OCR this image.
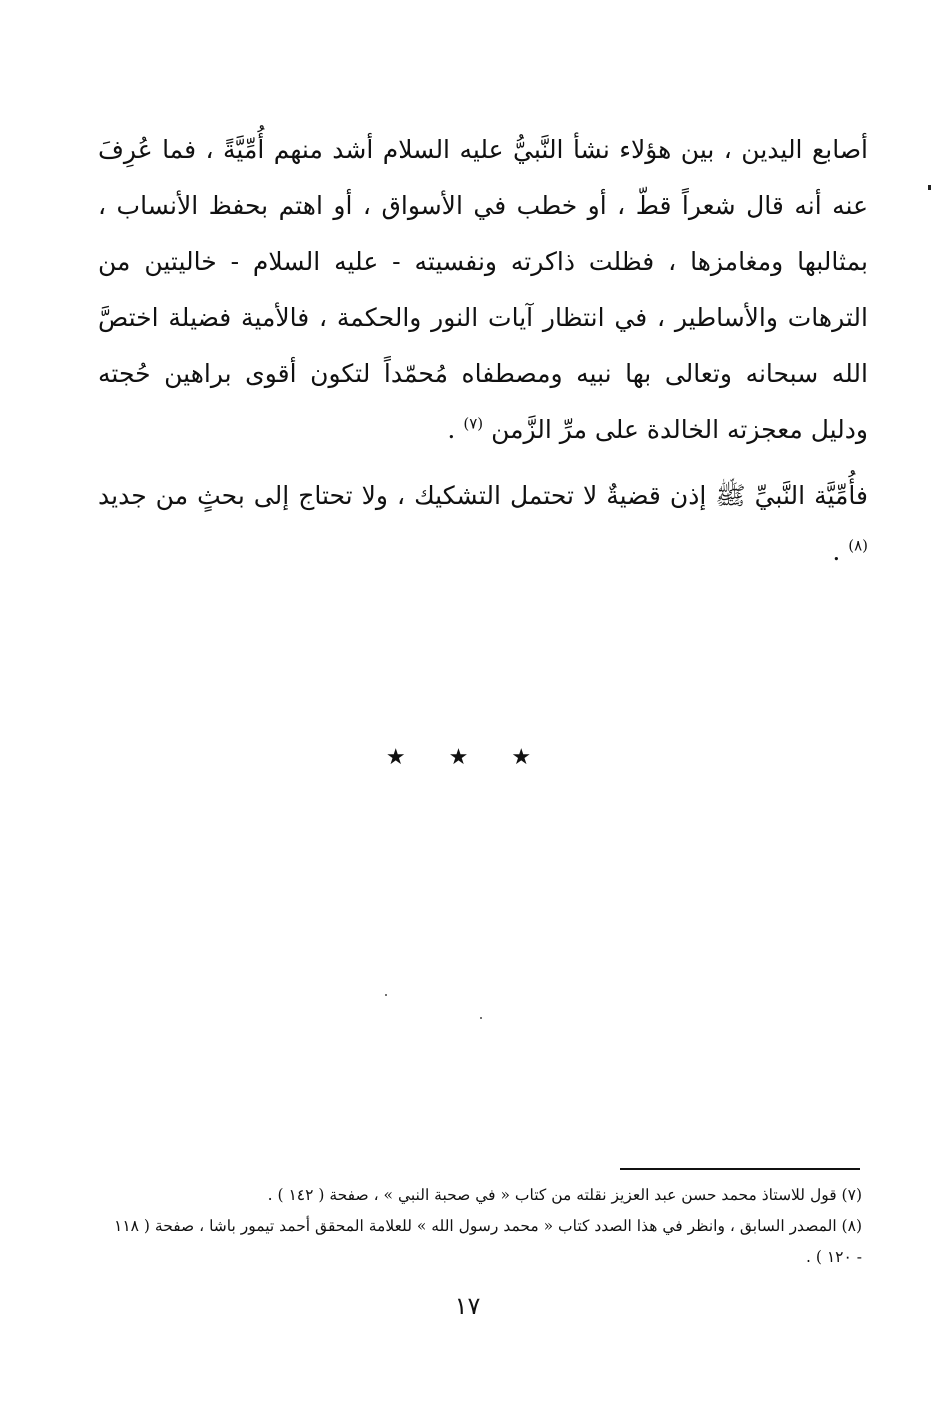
أصابع اليدين ، بين هؤلاء نشأ النَّبيُّ عليه السلام أشد منهم أُمِّيَّةً ، فما عُرِفَ عنه أنه قال شعراً قطّ ، أو خطب في الأسواق ، أو اهتم بحفظ الأنساب ، بمثالبها ومغامزها ، فظلت ذاكرته ونفسيته - عليه السلام - خاليتين من الترهات والأساطير ، في انتظار آيات النور والحكمة ، فالأمية فضيلة اختصَّ الله سبحانه وتعالى بها نبيه ومصطفاه مُحمّداً لتكون أقوى براهين حُجته ودليل معجزته الخالدة على مرِّ الزَّمن $^{(٧)}$ .

فأُمِّيَّة النَّبيِّ ﷺ إذن قضيةٌ لا تحتمل التشكيك ، ولا تحتاج إلى بحثٍ من جديد $^{(٨)}$ .

★ ★ ★

(٧) قول للاستاذ محمد حسن عبد العزيز نقلته من كتاب « في صحبة النبي » ، صفحة ( ١٤٢ ) .

(٨) المصدر السابق ، وانظر في هذا الصدد كتاب « محمد رسول الله » للعلامة المحقق أحمد تيمور باشا ، صفحة ( ١١٨ - ١٢٠ ) .

١٧
